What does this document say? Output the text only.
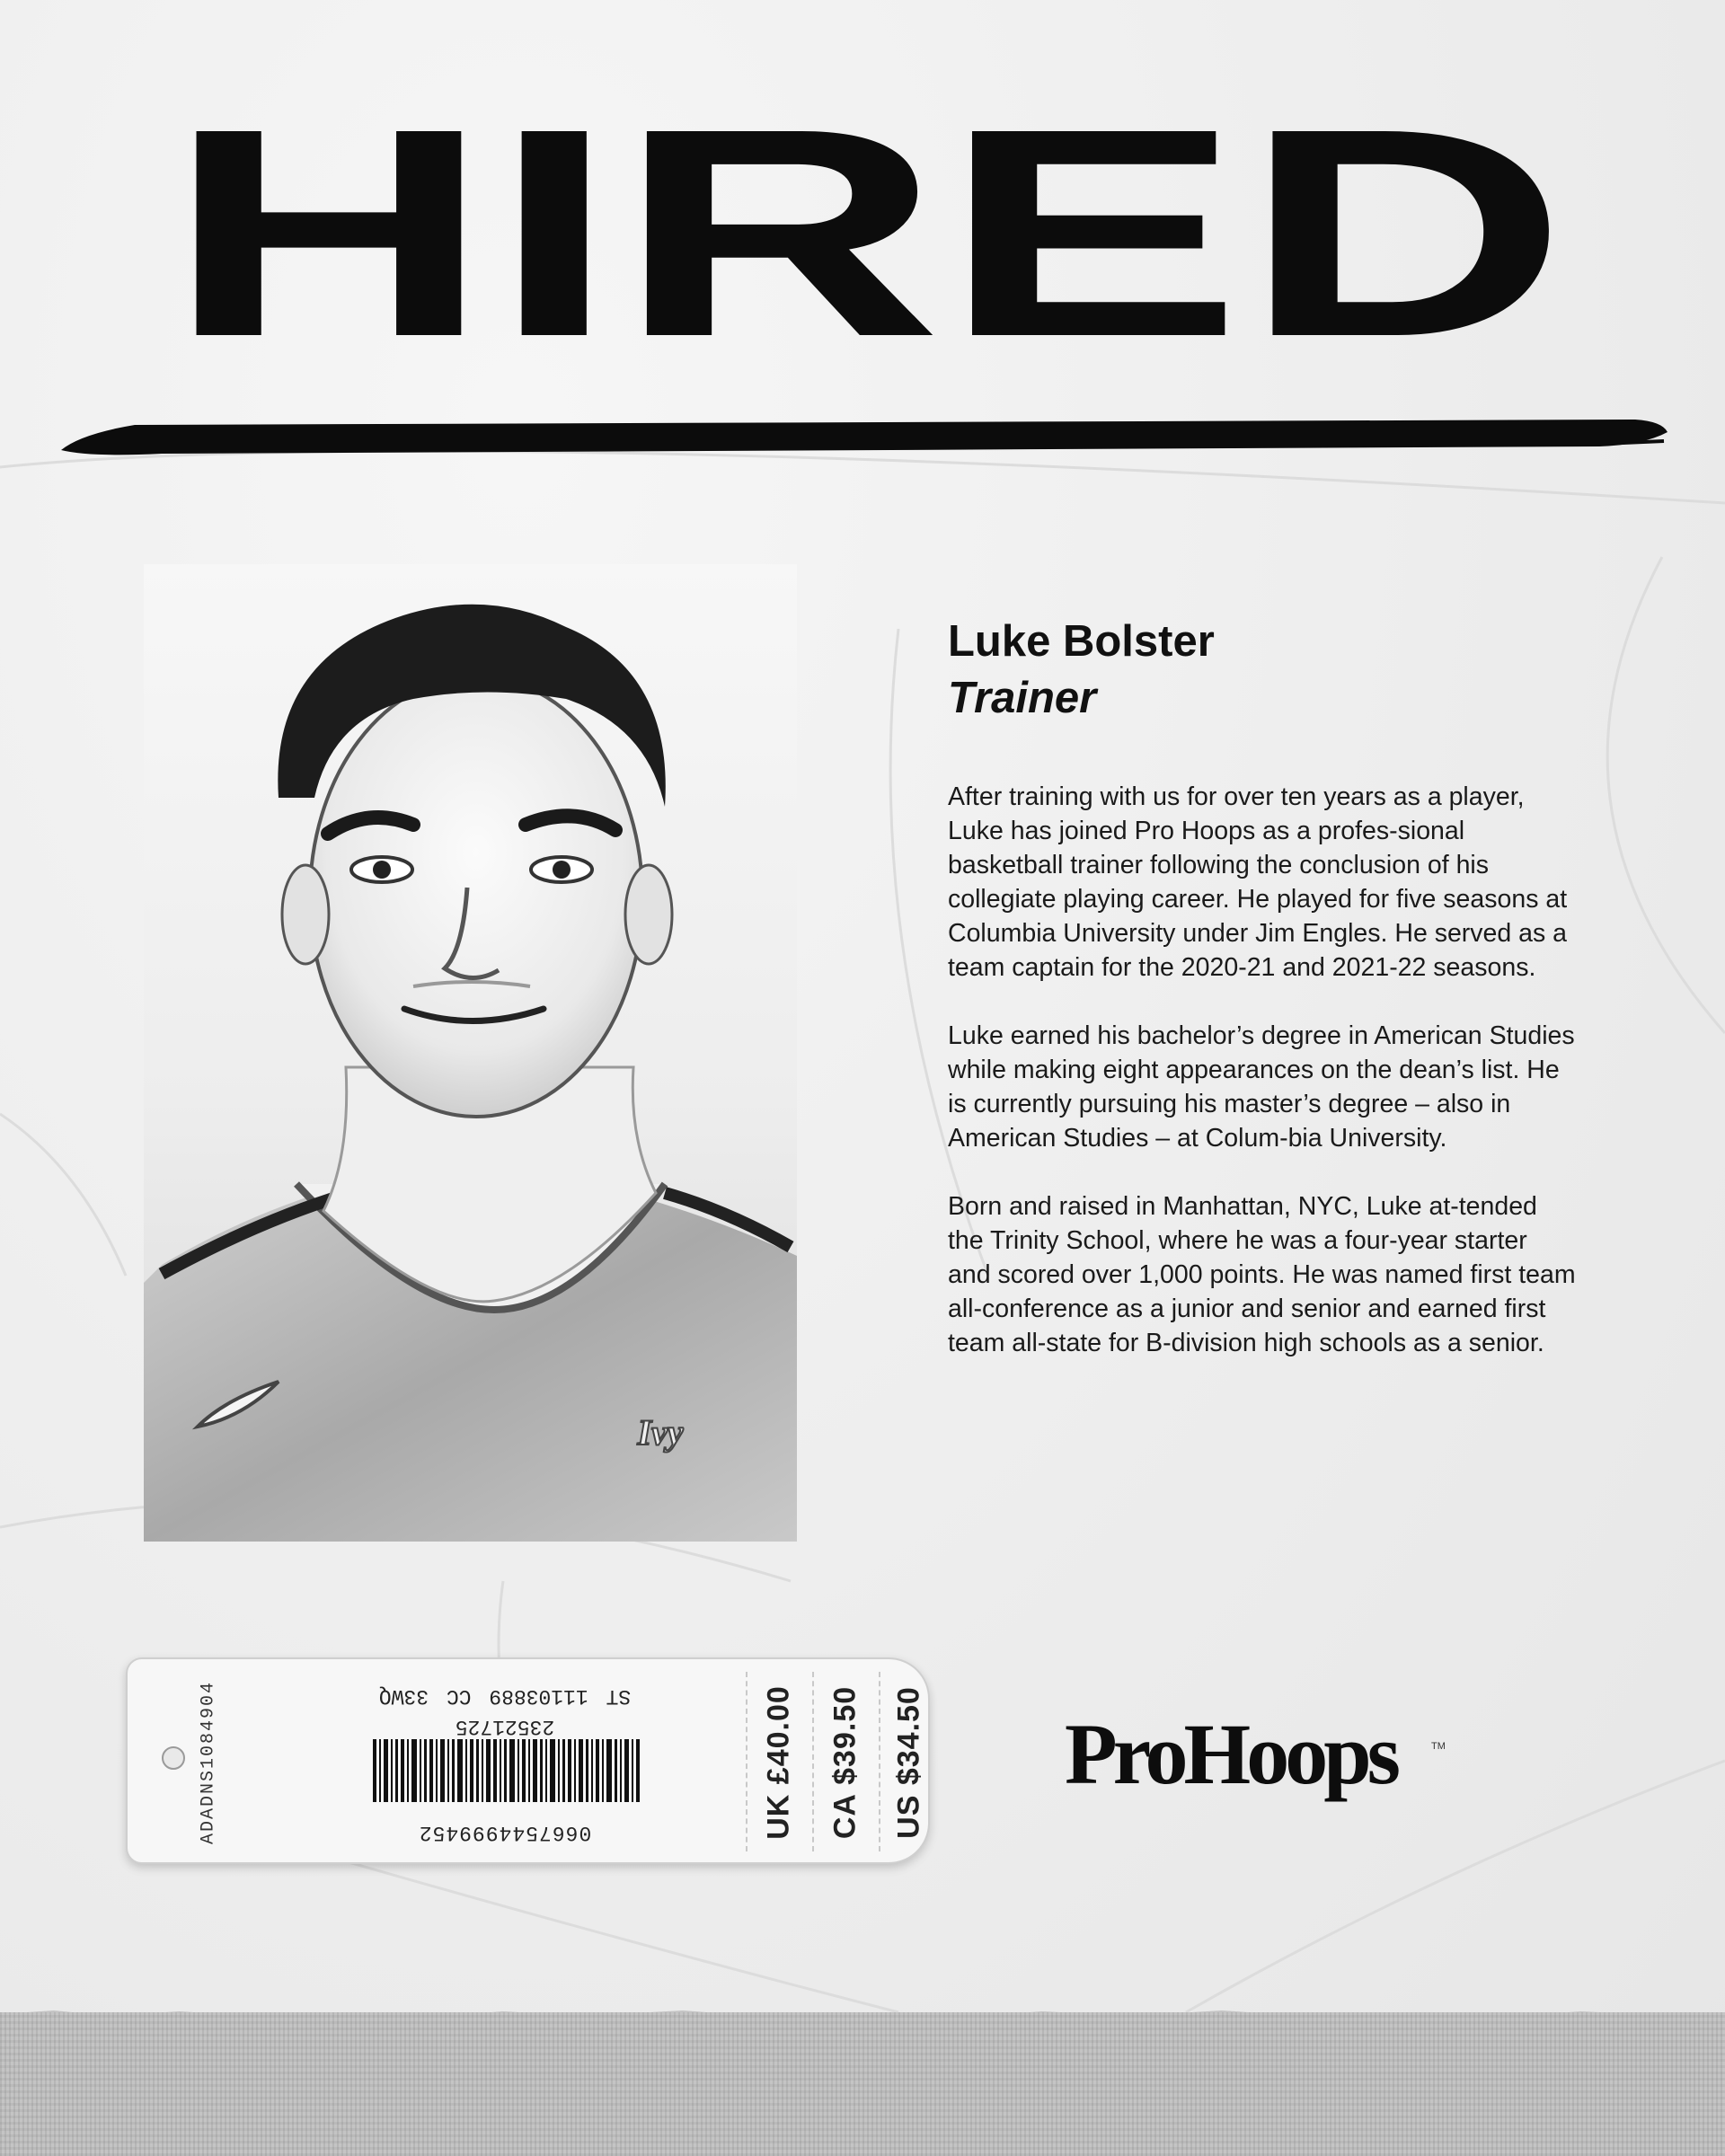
HIRED
Ivy
Luke Bolster
Trainer

After training with us for over ten years as a player, Luke has joined Pro Hoops as a profes-sional basketball trainer following the conclusion of his collegiate playing career. He played for five seasons at Columbia University under Jim Engles. He served as a team captain for the 2020-21 and 2021-22 seasons.

Luke earned his bachelor’s degree in American Studies while making eight appearances on the dean’s list. He is currently pursuing his master’s degree – also in American Studies – at Colum-bia University.

Born and raised in Manhattan, NYC, Luke at-tended the Trinity School, where he was a four-year starter and scored over 1,000 points. He was named first team all-conference as a junior and senior and earned first team all-state for B-division high schools as a senior.

ADADNS1084904	0667544999452
23521725
ST 11103889 CC 33WQ	UK £40.00 CA $39.50 US $34.50 ProHoops	TM
